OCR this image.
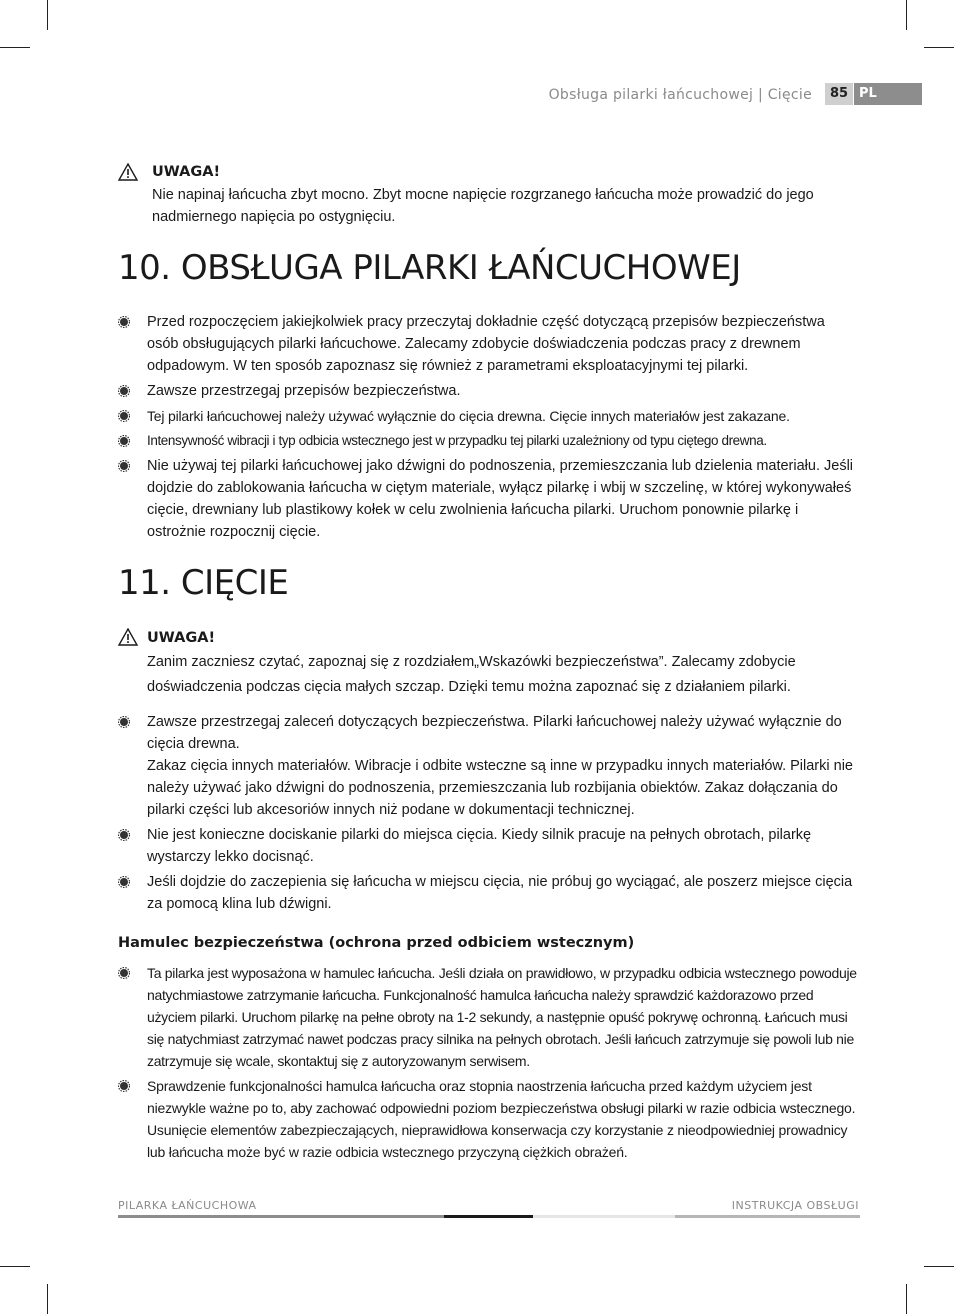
Obsługa pilarki łańcuchowej | Cięcie	85 PL
UWAGA!
Nie napinaj łańcucha zbyt mocno. Zbyt mocne napięcie rozgrzanego łańcucha może prowadzić do jego
nadmiernego napięcia po ostygnięciu.
10. OBSŁUGA PILARKI ŁAŃCUCHOWEJ
Przed rozpoczęciem jakiejkolwiek pracy przeczytaj dokładnie część dotyczącą przepisów bezpieczeństwa osób obsługujących pilarki łańcuchowe. Zalecamy zdobycie doświadczenia podczas pracy z drewnem odpadowym. W ten sposób zapoznasz się również z parametrami eksploatacyjnymi tej pilarki.
Zawsze przestrzegaj przepisów bezpieczeństwa.
Tej pilarki łańcuchowej należy używać wyłącznie do cięcia drewna. Cięcie innych materiałów jest zakazane.
Intensywność wibracji i typ odbicia wstecznego jest w przypadku tej pilarki uzależniony od typu ciętego drewna.
Nie używaj tej pilarki łańcuchowej jako dźwigni do podnoszenia, przemieszczania lub dzielenia materiału. Jeśli dojdzie do zablokowania łańcucha w ciętym materiale, wyłącz pilarkę i wbij w szczelinę, w której wykonywałeś cięcie, drewniany lub plastikowy kołek w celu zwolnienia łańcucha pilarki. Uruchom ponownie pilarkę i ostrożnie rozpocznij cięcie.
11. CIĘCIE
UWAGA!
Zanim zaczniesz czytać, zapoznaj się z rozdziałem„Wskazówki bezpieczeństwa”. Zalecamy zdobycie
doświadczenia podczas cięcia małych szczap. Dzięki temu można zapoznać się z działaniem pilarki.
Zawsze przestrzegaj zaleceń dotyczących bezpieczeństwa. Pilarki łańcuchowej należy używać wyłącznie do cięcia drewna.
Zakaz cięcia innych materiałów. Wibracje i odbite wsteczne są inne w przypadku innych materiałów. Pilarki nie należy używać jako dźwigni do podnoszenia, przemieszczania lub rozbijania obiektów. Zakaz dołączania do pilarki części lub akcesoriów innych niż podane w dokumentacji technicznej.
Nie jest konieczne dociskanie pilarki do miejsca cięcia. Kiedy silnik pracuje na pełnych obrotach, pilarkę wystarczy lekko docisnąć.
Jeśli dojdzie do zaczepienia się łańcucha w miejscu cięcia, nie próbuj go wyciągać, ale poszerz miejsce cięcia za pomocą klina lub dźwigni.
Hamulec bezpieczeństwa (ochrona przed odbiciem wstecznym)
Ta pilarka jest wyposażona w hamulec łańcucha. Jeśli działa on prawidłowo, w przypadku odbicia wstecznego powoduje natychmiastowe zatrzymanie łańcucha. Funkcjonalność hamulca łańcucha należy sprawdzić każdorazowo przed użyciem pilarki. Uruchom pilarkę na pełne obroty na 1-2 sekundy, a następnie opuść pokrywę ochronną. Łańcuch musi się natychmiast zatrzymać nawet podczas pracy silnika na pełnych obrotach. Jeśli łańcuch zatrzymuje się powoli lub nie zatrzymuje się wcale, skontaktuj się z autoryzowanym serwisem.
Sprawdzenie funkcjonalności hamulca łańcucha oraz stopnia naostrzenia łańcucha przed każdym użyciem jest niezwykle ważne po to, aby zachować odpowiedni poziom bezpieczeństwa obsługi pilarki w razie odbicia wstecznego. Usunięcie elementów zabezpieczających, nieprawidłowa konserwacja czy korzystanie z nieodpowiedniej prowadnicy lub łańcucha może być w razie odbicia wstecznego przyczyną ciężkich obrażeń.
PILARKA ŁAŃCUCHOWA	INSTRUKCJA OBSŁUGI
